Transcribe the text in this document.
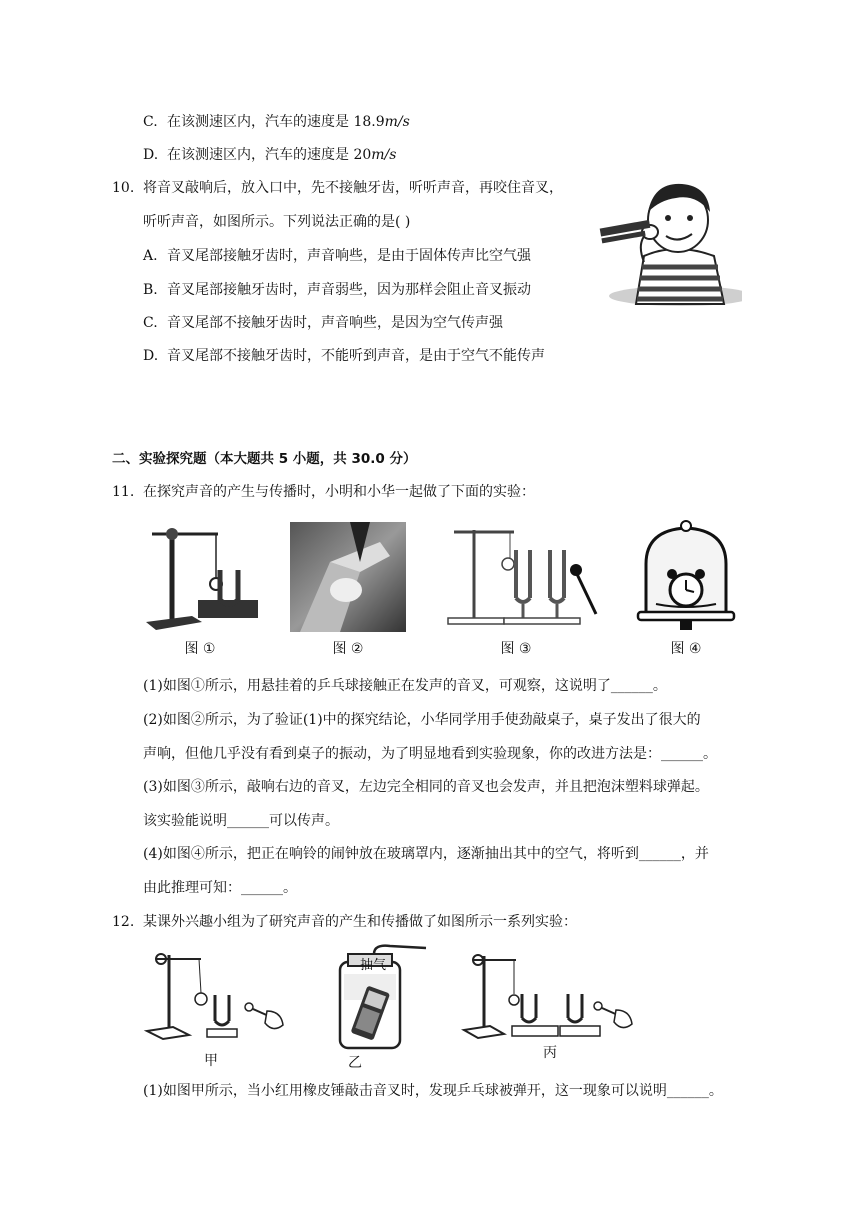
C. 在该测速区内，汽车的速度是 18.9m/s
D. 在该测速区内，汽车的速度是 20m/s
10. 将音叉敲响后，放入口中，先不接触牙齿，听听声音，再咬住音叉，
听听声音，如图所示。下列说法正确的是( )
A. 音叉尾部接触牙齿时，声音响些，是由于固体传声比空气强
B. 音叉尾部接触牙齿时，声音弱些，因为那样会阻止音叉振动
C. 音叉尾部不接触牙齿时，声音响些，是因为空气传声强
D. 音叉尾部不接触牙齿时，不能听到声音，是由于空气不能传声
二、实验探究题（本大题共 5 小题，共 30.0 分）
11. 在探究声音的产生与传播时，小明和小华一起做了下面的实验：
图 ①	图 ②	图 ③	图 ④
(1)如图①所示，用悬挂着的乒乓球接触正在发声的音叉，可观察，这说明了______。
(2)如图②所示，为了验证(1)中的探究结论，小华同学用手使劲敲桌子，桌子发出了很大的
声响，但他几乎没有看到桌子的振动，为了明显地看到实验现象，你的改进方法是：______。
(3)如图③所示，敲响右边的音叉，左边完全相同的音叉也会发声，并且把泡沫塑料球弹起。
该实验能说明______可以传声。
(4)如图④所示，把正在响铃的闹钟放在玻璃罩内，逐渐抽出其中的空气，将听到______，并
由此推理可知：______。
12. 某课外兴趣小组为了研究声音的产生和传播做了如图所示一系列实验：
甲
抽气
乙
丙
(1)如图甲所示，当小红用橡皮锤敲击音叉时，发现乒乓球被弹开，这一现象可以说明______。
